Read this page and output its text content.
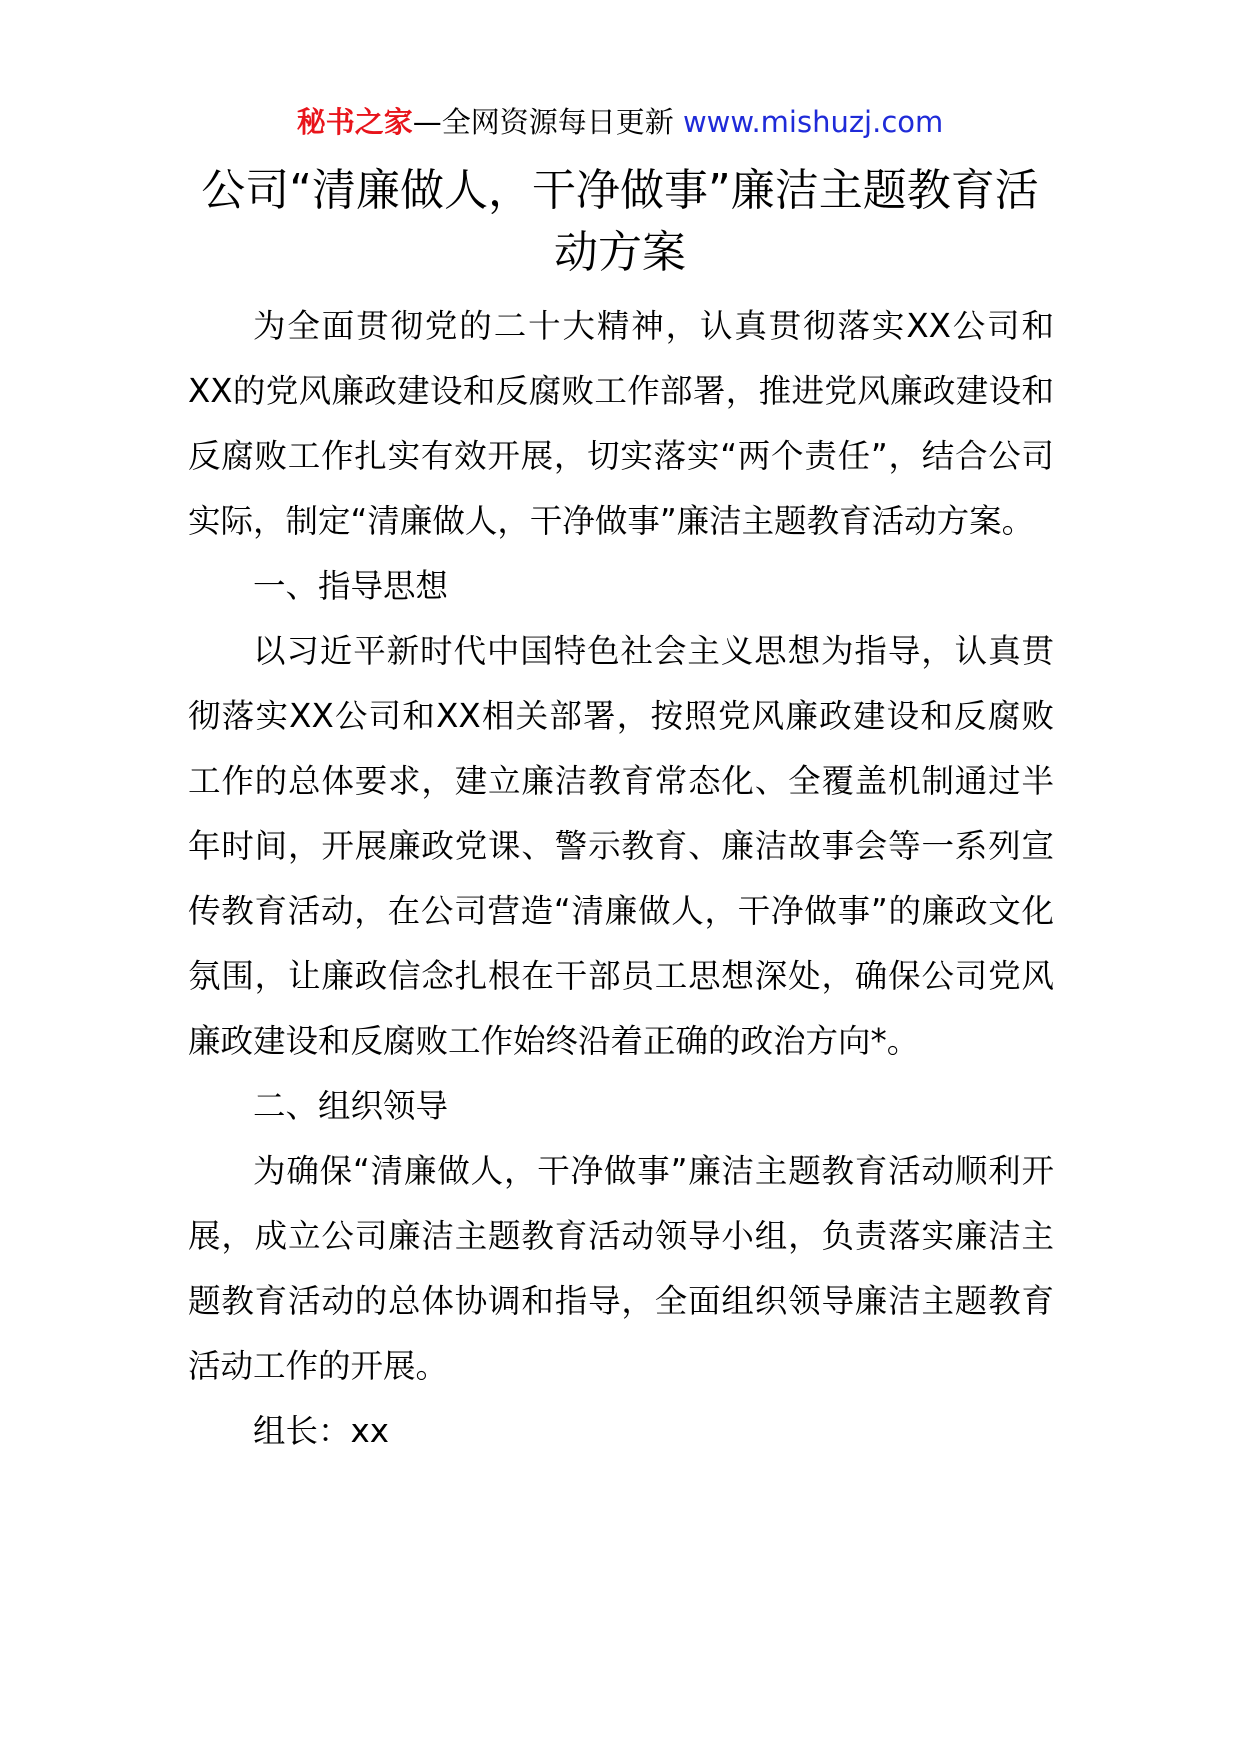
秘书之家—全网资源每日更新 www.mishuzj.com
公司“清廉做人，干净做事”廉洁主题教育活动方案

为全面贯彻党的二十大精神，认真贯彻落实XX公司和XX的党风廉政建设和反腐败工作部署，推进党风廉政建设和反腐败工作扎实有效开展，切实落实“两个责任”，结合公司实际，制定“清廉做人，干净做事”廉洁主题教育活动方案。

一、指导思想

以习近平新时代中国特色社会主义思想为指导，认真贯彻落实XX公司和XX相关部署，按照党风廉政建设和反腐败工作的总体要求，建立廉洁教育常态化、全覆盖机制通过半年时间，开展廉政党课、警示教育、廉洁故事会等一系列宣传教育活动，在公司营造“清廉做人，干净做事”的廉政文化氛围，让廉政信念扎根在干部员工思想深处，确保公司党风廉政建设和反腐败工作始终沿着正确的政治方向*。

二、组织领导

为确保“清廉做人，干净做事”廉洁主题教育活动顺利开展，成立公司廉洁主题教育活动领导小组，负责落实廉洁主题教育活动的总体协调和指导，全面组织领导廉洁主题教育活动工作的开展。

组长：xx
